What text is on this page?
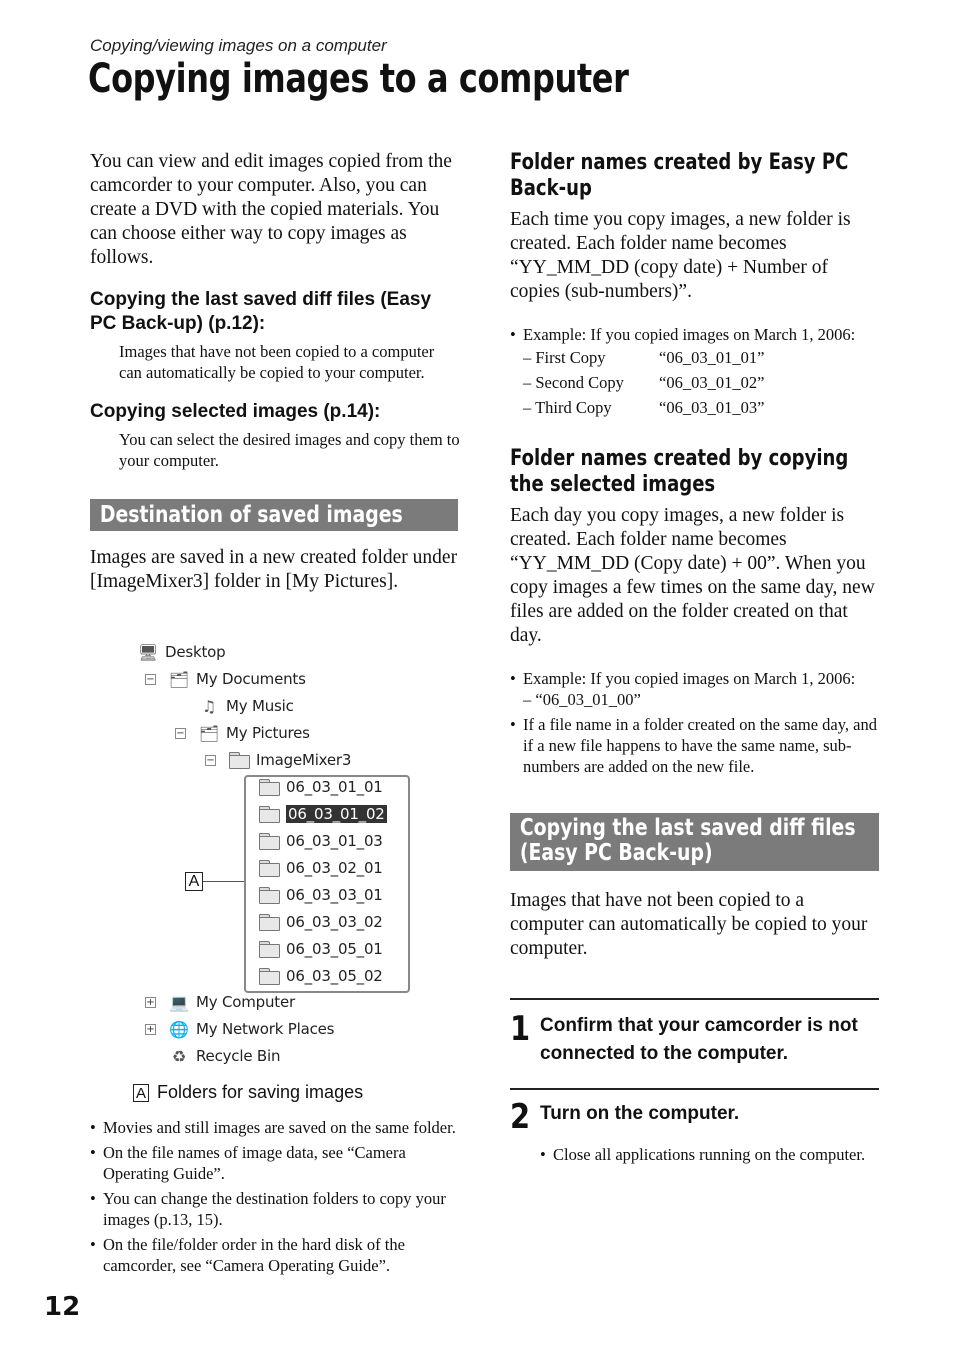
Copying/viewing images on a computer
Copying images to a computer

You can view and edit images copied from the camcorder to your computer. Also, you can create a DVD with the copied materials. You can choose either way to copy images as follows.

Copying the last saved diff files (Easy PC Back-up) (p.12):

Images that have not been copied to a computer can automatically be copied to your computer.

Copying selected images (p.14):

You can select the desired images and copy them to your computer.

Destination of saved images

Images are saved in a new created folder under [ImageMixer3] folder in [My Pictures].

🖥 Desktop
− 🗂 My Documents
♫ My Music
− 🗂 My Pictures
−	ImageMixer3
06_03_01_01
06_03_01_02
06_03_01_03
06_03_02_01
06_03_03_01
06_03_03_02
06_03_05_01
06_03_05_02
+ 💻 My Computer
+ 🌐 My Network Places
♻ Recycle Bin
A
A Folders for saving images
• Movies and still images are saved on the same folder.
• On the file names of image data, see “Camera Operating Guide”.
• You can change the destination folders to copy your images (p.13, 15).
• On the file/folder order in the hard disk of the camcorder, see “Camera Operating Guide”.
Folder names created by Easy PC Back-up

Each time you copy images, a new folder is created. Each folder name becomes “YY_MM_DD (copy date) + Number of copies (sub-numbers)”.

• Example: If you copied images on March 1, 2006:
– First Copy	“06_03_01_01”
– Second Copy	“06_03_01_02”
– Third Copy	“06_03_01_03”
Folder names created by copying the selected images

Each day you copy images, a new folder is created. Each folder name becomes “YY_MM_DD (Copy date) + 00”. When you copy images a few times on the same day, new files are added on the folder created on that day.

• Example: If you copied images on March 1, 2006:
– “06_03_01_00”
• If a file name in a folder created on the same day, and if a new file happens to have the same name, sub-numbers are added on the new file.
Copying the last saved diff files
(Easy PC Back-up)

Images that have not been copied to a computer can automatically be copied to your computer.

1 Confirm that your camcorder is not connected to the computer.
2 Turn on the computer.
• Close all applications running on the computer.
12
